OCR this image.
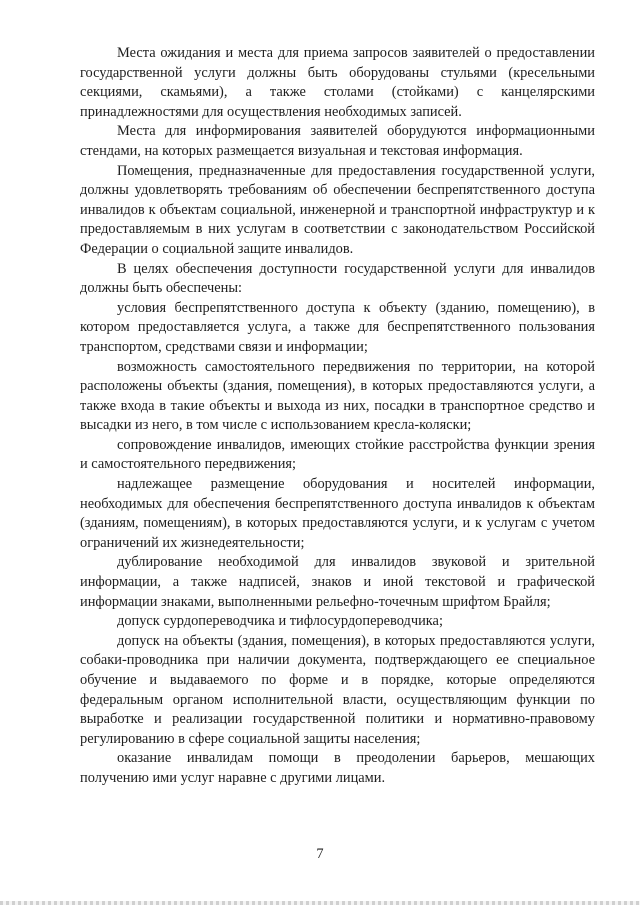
Места ожидания и места для приема запросов заявителей о предоставлении государственной услуги должны быть оборудованы стульями (кресельными секциями, скамьями), а также столами (стойками) с канцелярскими принадлежностями для осуществления необходимых записей.

Места для информирования заявителей оборудуются информационными стендами, на которых размещается визуальная и текстовая информация.

Помещения, предназначенные для предоставления государственной услуги, должны удовлетворять требованиям об обеспечении беспрепятственного доступа инвалидов к объектам социальной, инженерной и транспортной инфраструктур и к предоставляемым в них услугам в соответствии с законодательством Российской Федерации о социальной защите инвалидов.

В целях обеспечения доступности государственной услуги для инвалидов должны быть обеспечены:

условия беспрепятственного доступа к объекту (зданию, помещению), в котором предоставляется услуга, а также для беспрепятственного пользования транспортом, средствами связи и информации;

возможность самостоятельного передвижения по территории, на которой расположены объекты (здания, помещения), в которых предоставляются услуги, а также входа в такие объекты и выхода из них, посадки в транспортное средство и высадки из него, в том числе с использованием кресла-коляски;

сопровождение инвалидов, имеющих стойкие расстройства функции зрения и самостоятельного передвижения;

надлежащее размещение оборудования и носителей информации, необходимых для обеспечения беспрепятственного доступа инвалидов к объектам (зданиям, помещениям), в которых предоставляются услуги, и к услугам с учетом ограничений их жизнедеятельности;

дублирование необходимой для инвалидов звуковой и зрительной информации, а также надписей, знаков и иной текстовой и графической информации знаками, выполненными рельефно-точечным шрифтом Брайля;

допуск сурдопереводчика и тифлосурдопереводчика;

допуск на объекты (здания, помещения), в которых предоставляются услуги, собаки-проводника при наличии документа, подтверждающего ее специальное обучение и выдаваемого по форме и в порядке, которые определяются федеральным органом исполнительной власти, осуществляющим функции по выработке и реализации государственной политики и нормативно-правовому регулированию в сфере социальной защиты населения;

оказание инвалидам помощи в преодолении барьеров, мешающих получению ими услуг наравне с другими лицами.

7
